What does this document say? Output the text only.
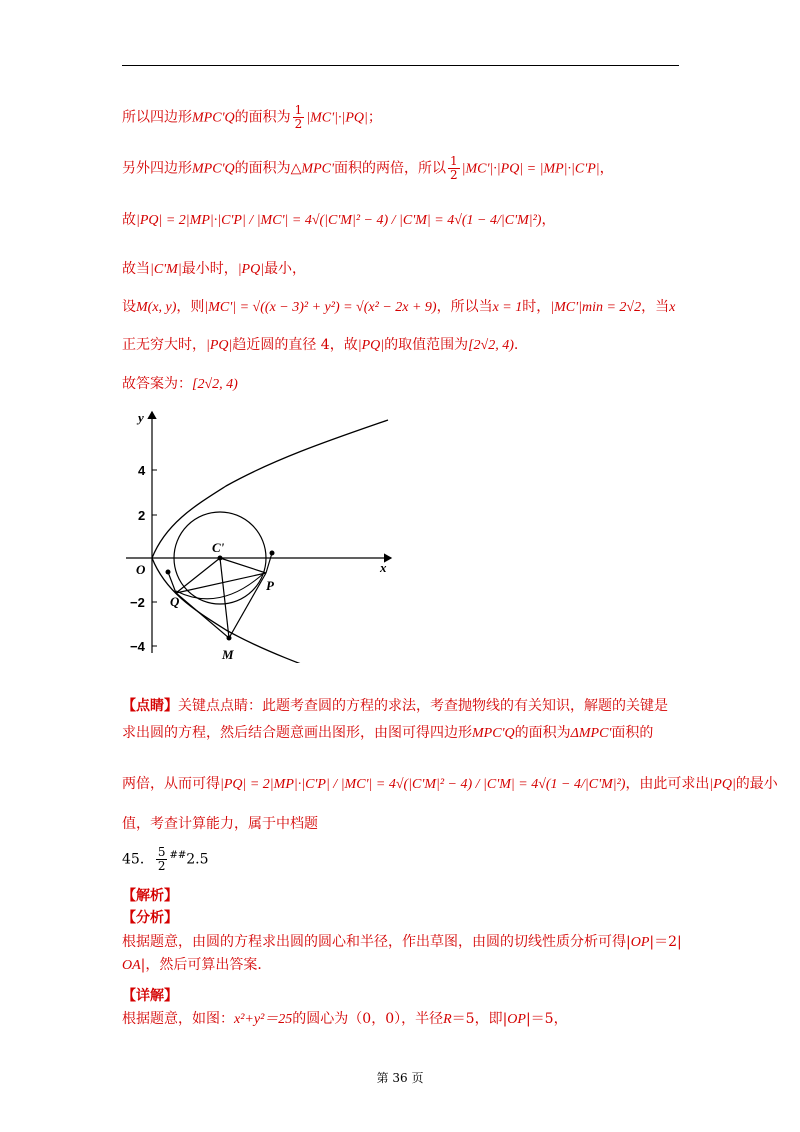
所以四边形MPC'Q的面积为 $\frac{1}{2} |MC'|\cdot|PQ|$；
另外四边形MPC'Q的面积为△MPC'面积的两倍，所以 $\frac{1}{2} |MC'|\cdot|PQ| = |MP|\cdot|C'P|$，
故|PQ| = 2|MP|·|C'P| / |MC'| = 4√(|C'M|² − 4) / |C'M| = 4√(1 − 4/|C'M|²)，
故当|C'M|最小时，|PQ|最小，
设M(x, y)，则|MC'| = √((x − 3)² + y²) = √(x² − 2x + 9)，所以当x = 1时，|MC'|min = 2√2，当x
正无穷大时，|PQ|趋近圆的直径 4，故|PQ|的取值范围为[2√2, 4).
故答案为：[2√2, 4)
y
x
O
4
2
−2
−4
C'
P
Q
M
【点睛】关键点点睛：此题考查圆的方程的求法，考查抛物线的有关知识，解题的关键是
求出圆的方程，然后结合题意画出图形，由图可得四边形MPC'Q的面积为ΔMPC'面积的
两倍，从而可得|PQ| = 2|MP|·|C'P| / |MC'| = 4√(|C'M|² − 4) / |C'M| = 4√(1 − 4/|C'M|²)，由此可求出|PQ|的最小
值，考查计算能力，属于中档题
45． $\frac{5}{2} ^{\#\#}2.5$
【解析】
【分析】
根据题意，由圆的方程求出圆的圆心和半径，作出草图，由圆的切线性质分析可得|OP|＝2|
OA|，然后可算出答案．
【详解】
根据题意，如图：x²+y²＝25的圆心为（0，0），半径R＝5，即|OP|＝5，
第 36 页
